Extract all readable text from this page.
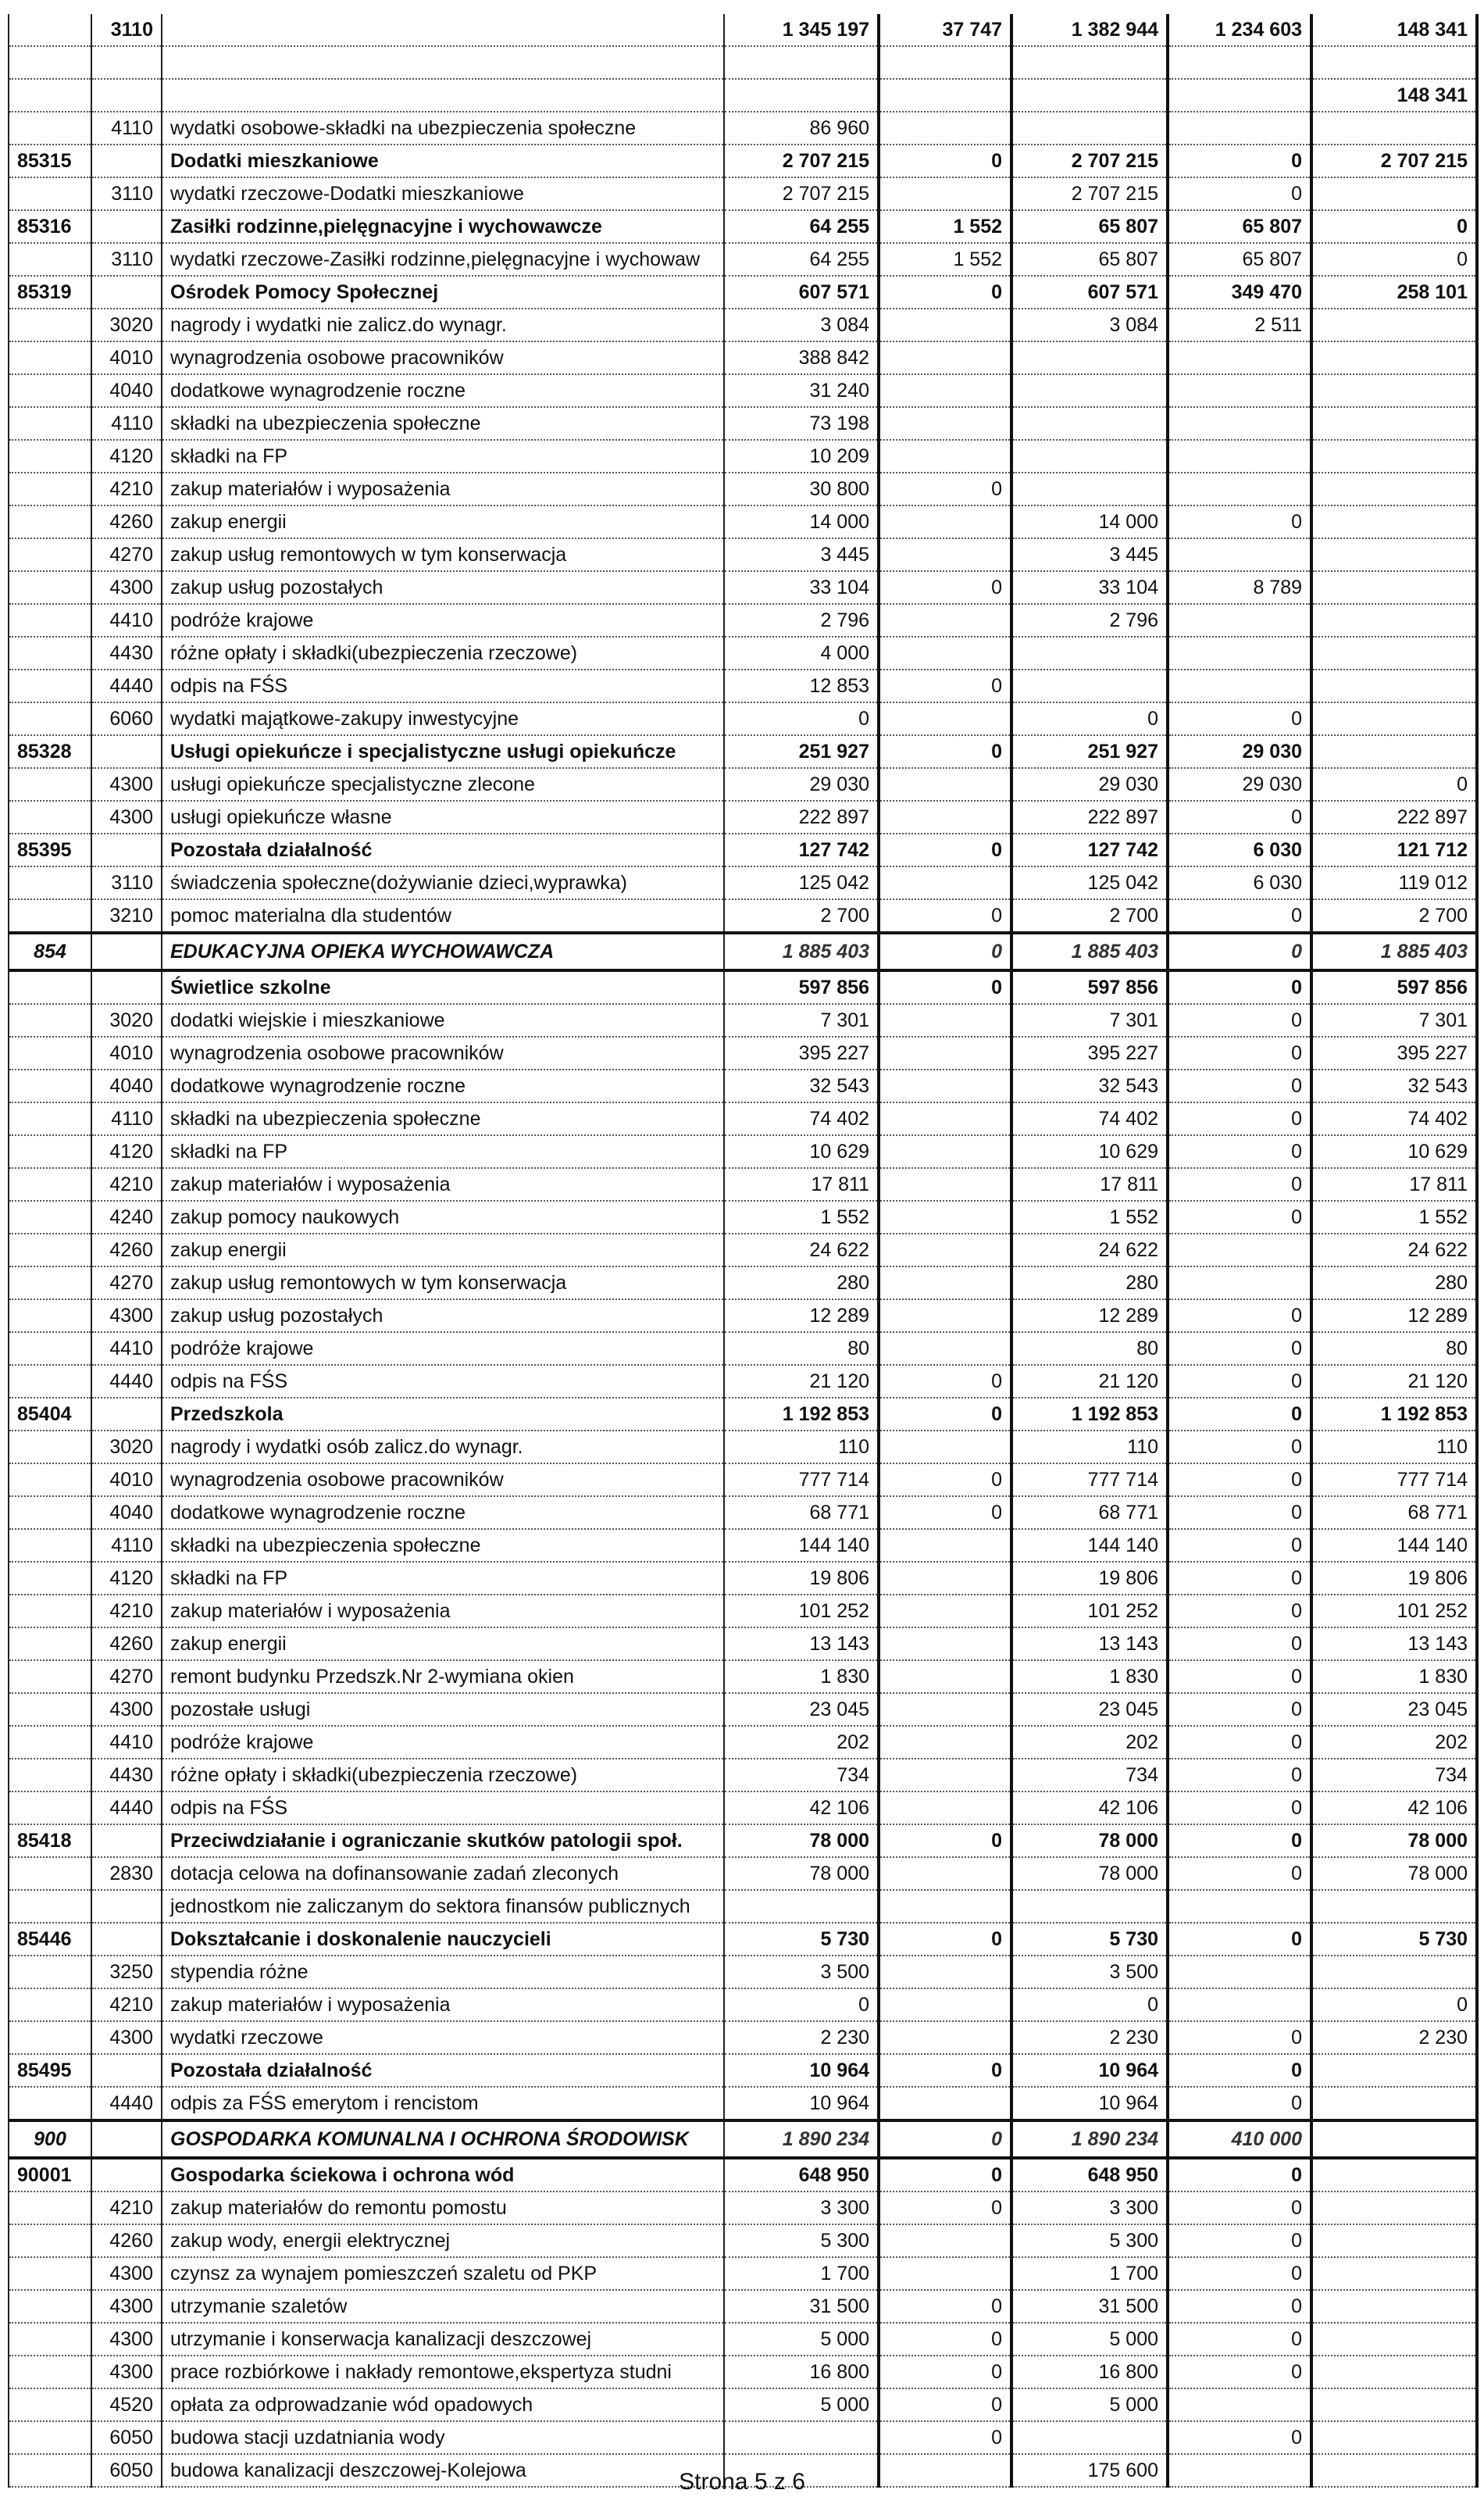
	3110		1 345 197	37 747	1 382 944	1 234 603	148 341

							148 341
	4110	wydatki osobowe-składki na ubezpieczenia społeczne	86 960				
85315		Dodatki mieszkaniowe	2 707 215	0	2 707 215	0	2 707 215
	3110	wydatki rzeczowe-Dodatki mieszkaniowe	2 707 215		2 707 215	0	
85316		Zasiłki rodzinne,pielęgnacyjne i wychowawcze	64 255	1 552	65 807	65 807	0
	3110	wydatki rzeczowe-Zasiłki rodzinne,pielęgnacyjne i wychowaw	64 255	1 552	65 807	65 807	0
85319		Ośrodek Pomocy Społecznej	607 571	0	607 571	349 470	258 101
	3020	nagrody i wydatki nie zalicz.do wynagr.	3 084		3 084	2 511	
	4010	wynagrodzenia osobowe pracowników	388 842				
	4040	dodatkowe wynagrodzenie roczne	31 240				
	4110	składki na ubezpieczenia społeczne	73 198				
	4120	składki na FP	10 209				
	4210	zakup materiałów i wyposażenia	30 800	0			
	4260	zakup energii	14 000		14 000	0	
	4270	zakup usług remontowych w tym konserwacja	3 445		3 445		
	4300	zakup usług pozostałych	33 104	0	33 104	8 789	
	4410	podróże krajowe	2 796		2 796		
	4430	różne opłaty i składki(ubezpieczenia rzeczowe)	4 000				
	4440	odpis na FŚS	12 853	0			
	6060	wydatki majątkowe-zakupy inwestycyjne	0		0	0	
85328		Usługi opiekuńcze i specjalistyczne usługi opiekuńcze	251 927	0	251 927	29 030	
	4300	usługi opiekuńcze specjalistyczne zlecone	29 030		29 030	29 030	0
	4300	usługi opiekuńcze własne	222 897		222 897	0	222 897
85395		Pozostała działalność	127 742	0	127 742	6 030	121 712
	3110	świadczenia społeczne(dożywianie dzieci,wyprawka)	125 042		125 042	6 030	119 012
	3210	pomoc materialna dla studentów	2 700	0	2 700	0	2 700
854		EDUKACYJNA OPIEKA WYCHOWAWCZA	1 885 403	0	1 885 403	0	1 885 403
		Świetlice szkolne	597 856	0	597 856	0	597 856
	3020	dodatki wiejskie i mieszkaniowe	7 301		7 301	0	7 301
	4010	wynagrodzenia osobowe pracowników	395 227		395 227	0	395 227
	4040	dodatkowe wynagrodzenie roczne	32 543		32 543	0	32 543
	4110	składki na ubezpieczenia społeczne	74 402		74 402	0	74 402
	4120	składki na FP	10 629		10 629	0	10 629
	4210	zakup materiałów i wyposażenia	17 811		17 811	0	17 811
	4240	zakup pomocy naukowych	1 552		1 552	0	1 552
	4260	zakup energii	24 622		24 622		24 622
	4270	zakup usług remontowych w tym konserwacja	280		280		280
	4300	zakup usług pozostałych	12 289		12 289	0	12 289
	4410	podróże krajowe	80		80	0	80
	4440	odpis na FŚS	21 120	0	21 120	0	21 120
85404		Przedszkola	1 192 853	0	1 192 853	0	1 192 853
	3020	nagrody i wydatki osób zalicz.do wynagr.	110		110	0	110
	4010	wynagrodzenia osobowe pracowników	777 714	0	777 714	0	777 714
	4040	dodatkowe wynagrodzenie roczne	68 771	0	68 771	0	68 771
	4110	składki na ubezpieczenia społeczne	144 140		144 140	0	144 140
	4120	składki na FP	19 806		19 806	0	19 806
	4210	zakup materiałów i wyposażenia	101 252		101 252	0	101 252
	4260	zakup energii	13 143		13 143	0	13 143
	4270	remont budynku Przedszk.Nr 2-wymiana okien	1 830		1 830	0	1 830
	4300	pozostałe usługi	23 045		23 045	0	23 045
	4410	podróże krajowe	202		202	0	202
	4430	różne opłaty i składki(ubezpieczenia rzeczowe)	734		734	0	734
	4440	odpis na FŚS	42 106		42 106	0	42 106
85418		Przeciwdziałanie i ograniczanie skutków patologii społ.	78 000	0	78 000	0	78 000
	2830	dotacja celowa na dofinansowanie zadań zleconych	78 000		78 000	0	78 000
		jednostkom nie zaliczanym do sektora finansów publicznych					
85446		Dokształcanie i doskonalenie nauczycieli	5 730	0	5 730	0	5 730
	3250	stypendia różne	3 500		3 500		
	4210	zakup materiałów i wyposażenia	0		0		0
	4300	wydatki rzeczowe	2 230		2 230	0	2 230
85495		Pozostała działalność	10 964	0	10 964	0	
	4440	odpis za FŚS emerytom i rencistom	10 964		10 964	0	
900		GOSPODARKA KOMUNALNA I OCHRONA ŚRODOWISK	1 890 234	0	1 890 234	410 000	
90001		Gospodarka ściekowa i ochrona wód	648 950	0	648 950	0	
	4210	zakup materiałów do remontu pomostu	3 300	0	3 300	0	
	4260	zakup wody, energii elektrycznej	5 300		5 300	0	
	4300	czynsz za wynajem pomieszczeń szaletu od PKP	1 700		1 700	0	
	4300	utrzymanie szaletów	31 500	0	31 500	0	
	4300	utrzymanie i konserwacja kanalizacji deszczowej	5 000	0	5 000	0	
	4300	prace rozbiórkowe i nakłady remontowe,ekspertyza studni	16 800	0	16 800	0	
	4520	opłata za odprowadzanie wód opadowych	5 000	0	5 000		
	6050	budowa stacji uzdatniania wody		0		0	
	6050	budowa kanalizacji deszczowej-Kolejowa			175 600		
Strona 5 z 6
